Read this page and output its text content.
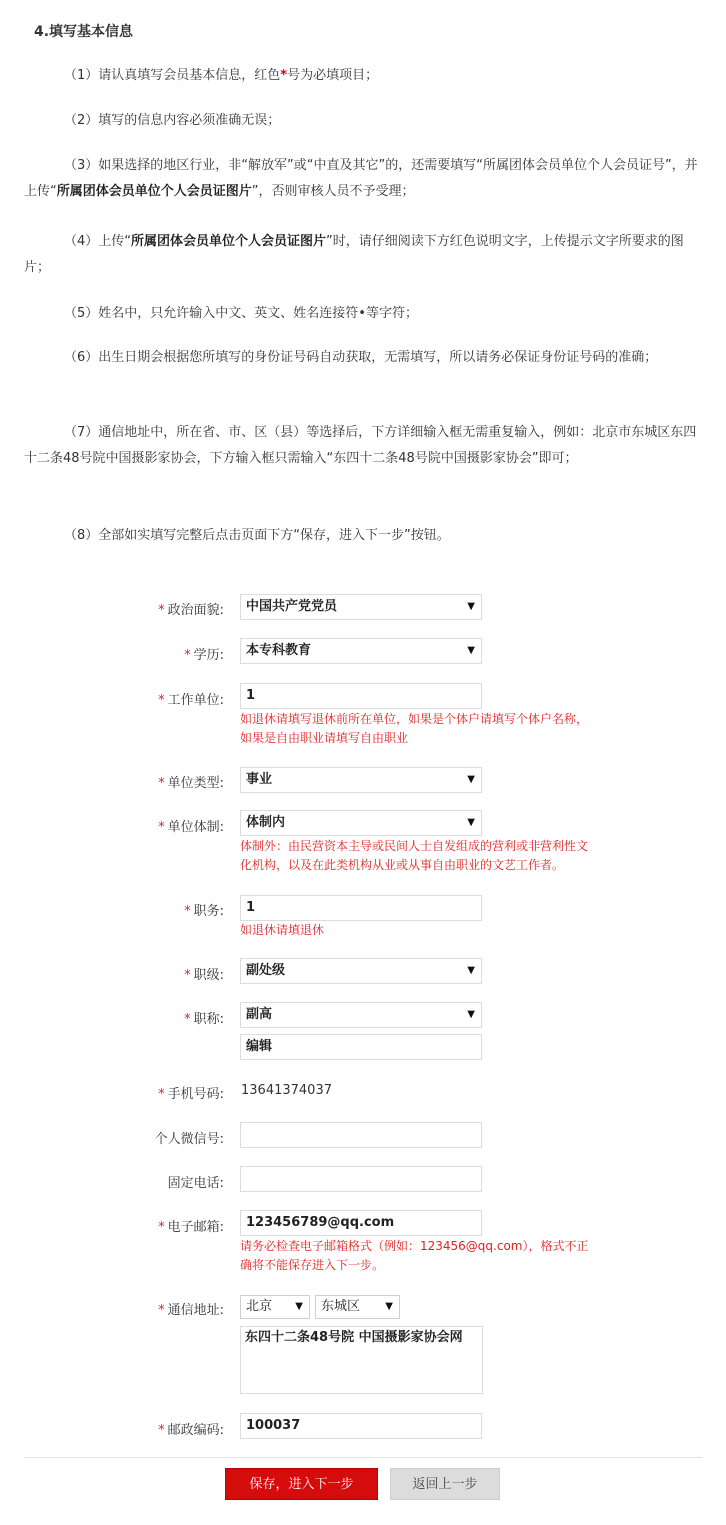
4.填写基本信息

（1）请认真填写会员基本信息，红色*号为必填项目；

（2）填写的信息内容必须准确无误；

（3）如果选择的地区行业，非“解放军”或“中直及其它”的，还需要填写“所属团体会员单位个人会员证号”，并上传“所属团体会员单位个人会员证图片”，否则审核人员不予受理；

（4）上传“所属团体会员单位个人会员证图片”时，请仔细阅读下方红色说明文字，上传提示文字所要求的图片；

（5）姓名中，只允许输入中文、英文、姓名连接符•等字符；

（6）出生日期会根据您所填写的身份证号码自动获取，无需填写，所以请务必保证身份证号码的准确；

（7）通信地址中，所在省、市、区（县）等选择后，下方详细输入框无需重复输入，例如：北京市东城区东四十二条48号院中国摄影家协会，下方输入框只需输入“东四十二条48号院中国摄影家协会”即可；

（8）全部如实填写完整后点击页面下方“保存，进入下一步”按钮。

* 政治面貌:	中国共产党党员	▼
* 学历:	本专科教育	▼
* 工作单位:	1
如退休请填写退休前所在单位，如果是个体户请填写个体户名称，
如果是自由职业请填写自由职业
* 单位类型:	事业	▼
* 单位体制:	体制内	▼
体制外：由民营资本主导或民间人士自发组成的营利或非营利性文
化机构，以及在此类机构从业或从事自由职业的文艺工作者。
* 职务:	1
如退休请填退休
* 职级:	副处级	▼
* 职称:	副高	▼
编辑
* 手机号码: 13641374037
个人微信号:
固定电话:
* 电子邮箱:	123456789@qq.com
请务必检查电子邮箱格式（例如：123456@qq.com），格式不正
确将不能保存进入下一步。
* 通信地址:	北京 ▼	东城区	▼
东四十二条48号院 中国摄影家协会网
* 邮政编码:	100037
保存，进入下一步	返回上一步
